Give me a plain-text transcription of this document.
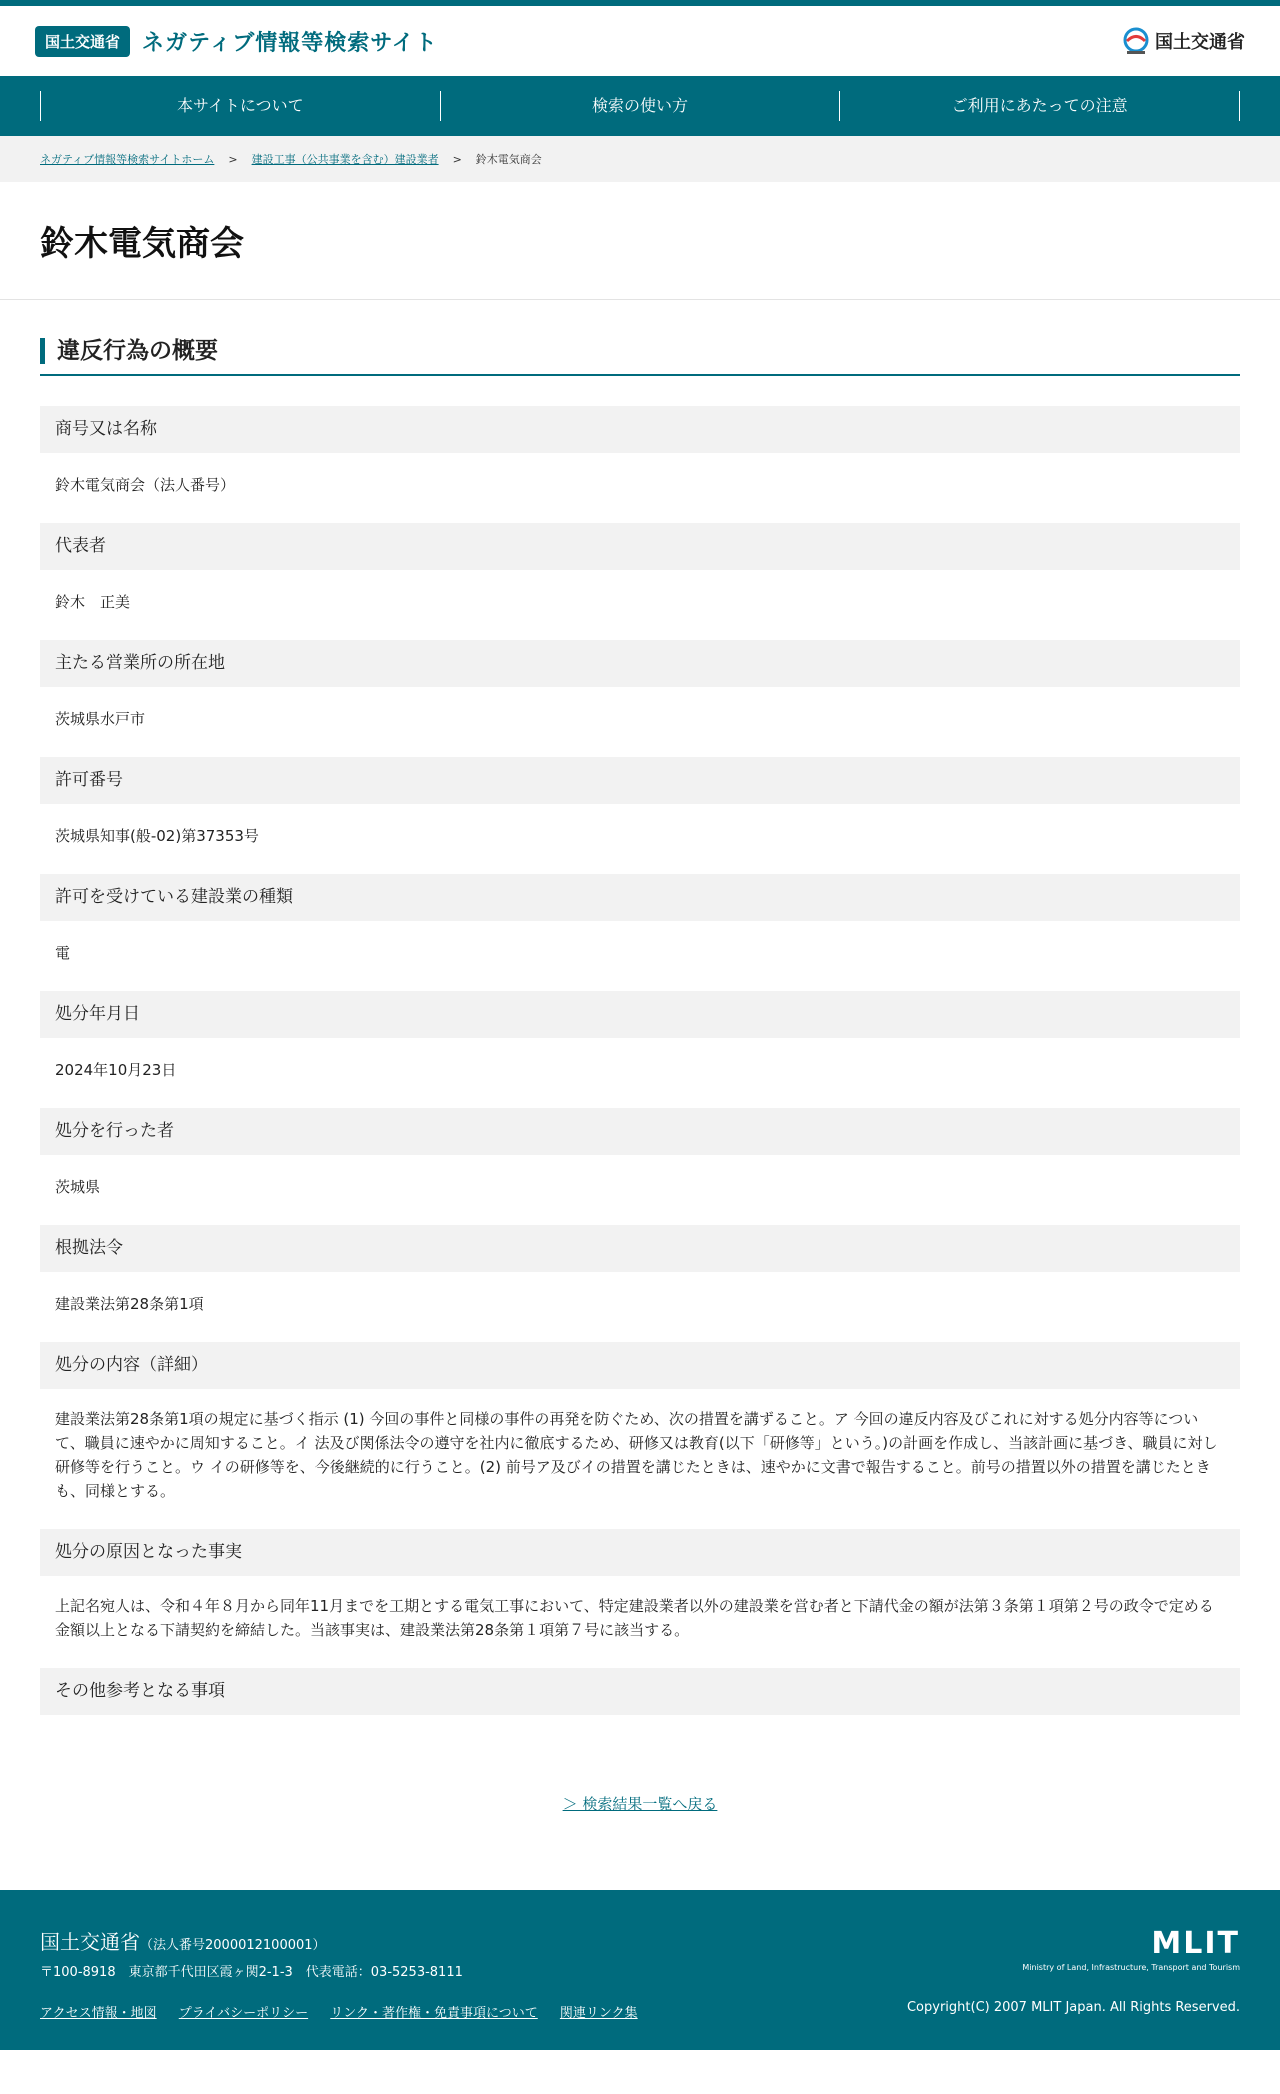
国土交通省	ネガティブ情報等検索サイト	国土交通省
本サイトについて	検索の使い方	ご利用にあたっての注意
ネガティブ情報等検索サイトホーム > 建設工事（公共事業を含む）建設業者 > 鈴木電気商会
鈴木電気商会
違反行為の概要
商号又は名称
鈴木電気商会（法人番号）
代表者
鈴木　正美
主たる営業所の所在地
茨城県水戸市
許可番号
茨城県知事(般-02)第37353号
許可を受けている建設業の種類
電
処分年月日
2024年10月23日
処分を行った者
茨城県
根拠法令
建設業法第28条第1項
処分の内容（詳細）
建設業法第28条第1項の規定に基づく指示 (1) 今回の事件と同様の事件の再発を防ぐため、次の措置を講ずること。ア 今回の違反内容及びこれに対する処分内容等について、職員に速やかに周知すること。イ 法及び関係法令の遵守を社内に徹底するため、研修又は教育(以下「研修等」という。)の計画を作成し、当該計画に基づき、職員に対し研修等を行うこと。ウ イの研修等を、今後継続的に行うこと。(2) 前号ア及びイの措置を講じたときは、速やかに文書で報告すること。前号の措置以外の措置を講じたときも、同様とする。
処分の原因となった事実
上記名宛人は、令和４年８月から同年11月までを工期とする電気工事において、特定建設業者以外の建設業を営む者と下請代金の額が法第３条第１項第２号の政令で定める金額以上となる下請契約を締結した。当該事実は、建設業法第28条第１項第７号に該当する。
その他参考となる事項
＞ 検索結果一覧へ戻る
国土交通省（法人番号2000012100001）
〒100-8918　東京都千代田区霞ヶ関2-1-3　代表電話：03-5253-8111
アクセス情報・地図 プライバシーポリシー リンク・著作権・免責事項について 関連リンク集
MLIT
Ministry of Land, Infrastructure, Transport and Tourism
Copyright(C) 2007 MLIT Japan. All Rights Reserved.
